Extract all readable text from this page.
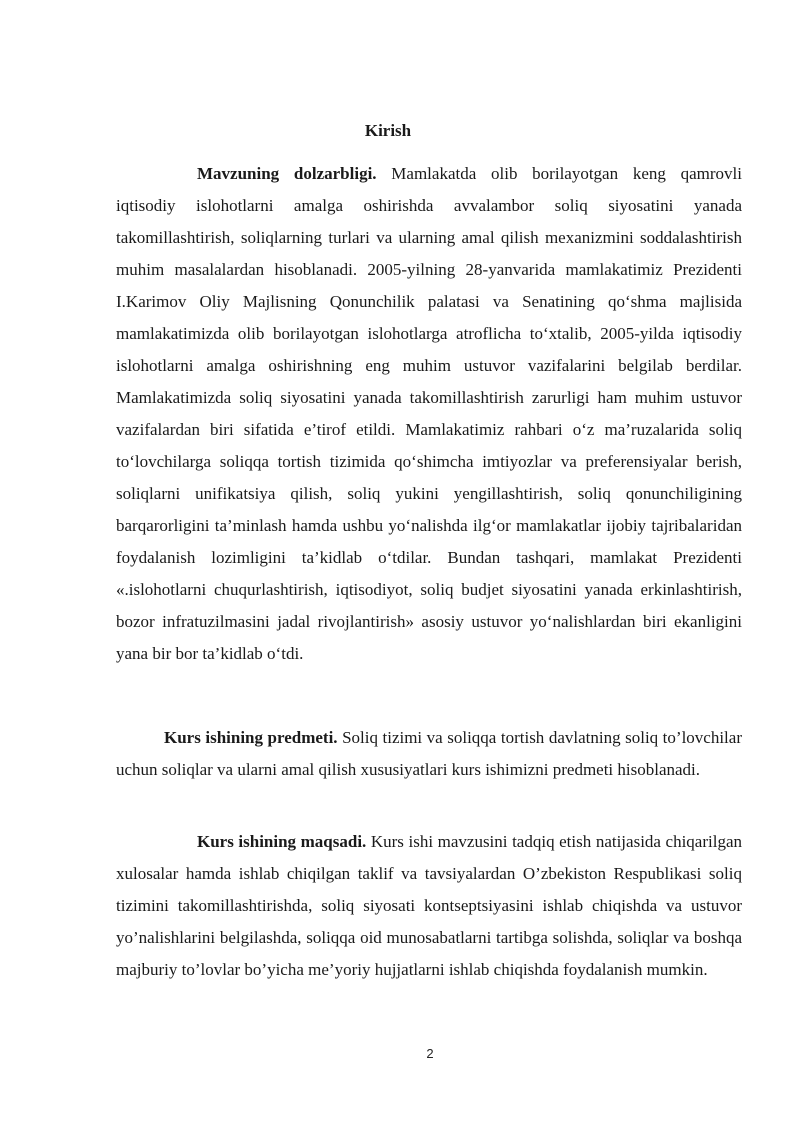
Kirish

Mavzuning dolzarbligi. Mamlakatda olib borilayotgan keng qamrovli iqtisodiy islohotlarni amalga oshirishda avvalambor soliq siyosatini yanada takomillashtirish, soliqlarning turlari va ularning amal qilish mexanizmini soddalashtirish muhim masalalardan hisoblanadi. 2005-yilning 28-yanvarida mamlakatimiz Prezidenti I.Karimov Oliy Majlisning Qonunchilik palatasi va Senatining qo‘shma majlisida mamlakatimizda olib borilayotgan islohotlarga atroflicha to‘xtalib, 2005-yilda iqtisodiy islohotlarni amalga oshirishning eng muhim ustuvor vazifalarini belgilab berdilar. Mamlakatimizda soliq siyosatini yanada takomillashtirish zarurligi ham muhim ustuvor vazifalardan biri sifatida e’tirof etildi. Mamlakatimiz rahbari o‘z ma’ruzalarida soliq to‘lovchilarga soliqqa tortish tizimida qo‘shimcha imtiyozlar va preferensiyalar berish, soliqlarni unifikatsiya qilish, soliq yukini yengillashtirish, soliq qonunchiligining barqarorligini ta’minlash hamda ushbu yo‘nalishda ilg‘or mamlakatlar ijobiy tajribalaridan foydalanish lozimligini ta’kidlab o‘tdilar. Bundan tashqari, mamlakat Prezidenti «.islohotlarni chuqurlashtirish, iqtisodiyot, soliq budjet siyosatini yanada erkinlashtirish, bozor infratuzilmasini jadal rivojlantirish» asosiy ustuvor yo‘nalishlardan biri ekanligini yana bir bor ta’kidlab o‘tdi.

Kurs ishining predmeti. Soliq tizimi va soliqqa tortish davlatning soliq to’lovchilar uchun soliqlar va ularni amal qilish xususiyatlari kurs ishimizni predmeti hisoblanadi.

Kurs ishining maqsadi. Kurs ishi mavzusini tadqiq etish natijasida chiqarilgan xulosalar hamda ishlab chiqilgan taklif va tavsiyalardan O’zbekiston Respublikasi soliq tizimini takomillashtirishda, soliq siyosati kontseptsiyasini ishlab chiqishda va ustuvor yo’nalishlarini belgilashda, soliqqa oid munosabatlarni tartibga solishda, soliqlar va boshqa majburiy to’lovlar bo’yicha me’yoriy hujjatlarni ishlab chiqishda foydalanish mumkin.

2
